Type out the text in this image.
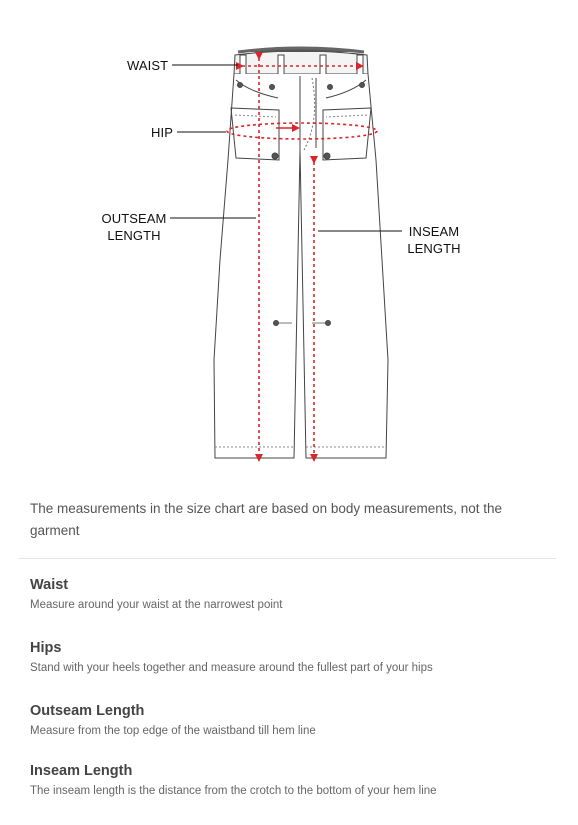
WAIST
HIP
OUTSEAM
LENGTH	INSEAM
LENGTH
The measurements in the size chart are based on body measurements, not the garment
Waist
Measure around your waist at the narrowest point
Hips
Stand with your heels together and measure around the fullest part of your hips
Outseam Length
Measure from the top edge of the waistband till hem line
Inseam Length
The inseam length is the distance from the crotch to the bottom of your hem line
